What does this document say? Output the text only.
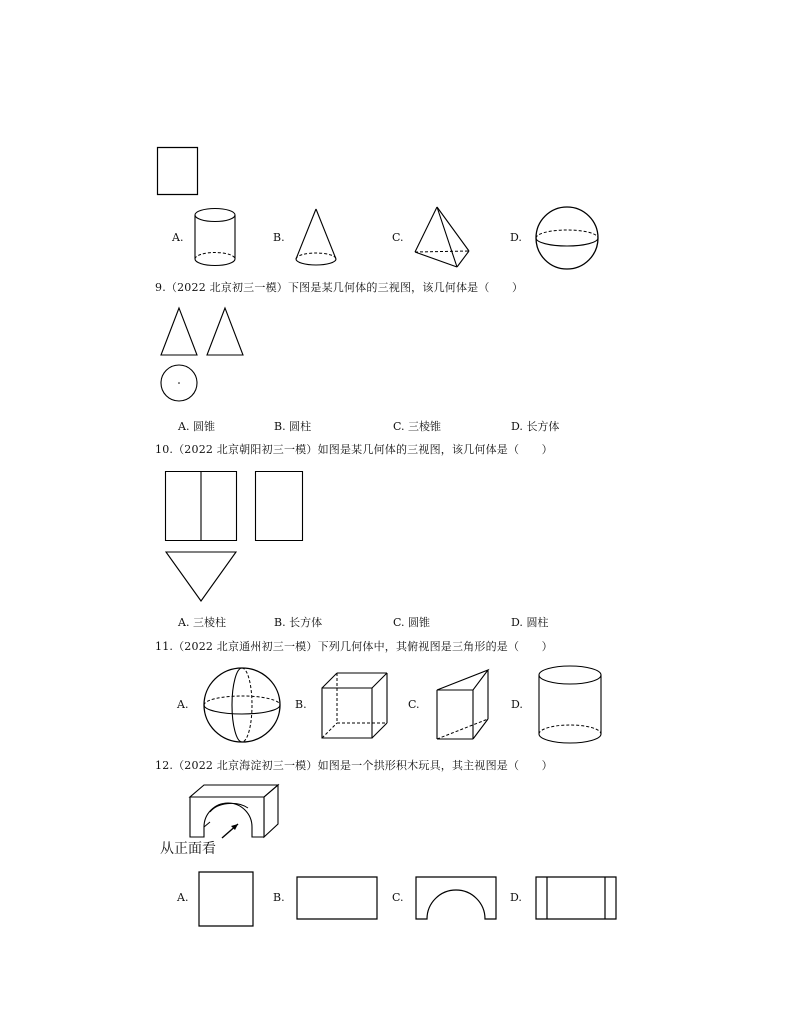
A.	B.	C.	D.
9.（2022 北京初三一模）下图是某几何体的三视图，该几何体是（　　）
A. 圆锥	B. 圆柱	C. 三棱锥	D. 长方体
10.（2022 北京朝阳初三一模）如图是某几何体的三视图，该几何体是（　　）
A. 三棱柱	B. 长方体	C. 圆锥	D. 圆柱
11.（2022 北京通州初三一模）下列几何体中，其俯视图是三角形的是（　　）
A.	B.	C.	D.
12.（2022 北京海淀初三一模）如图是一个拱形积木玩具，其主视图是（　　）
从正面看
A.	B.	C.	D.
